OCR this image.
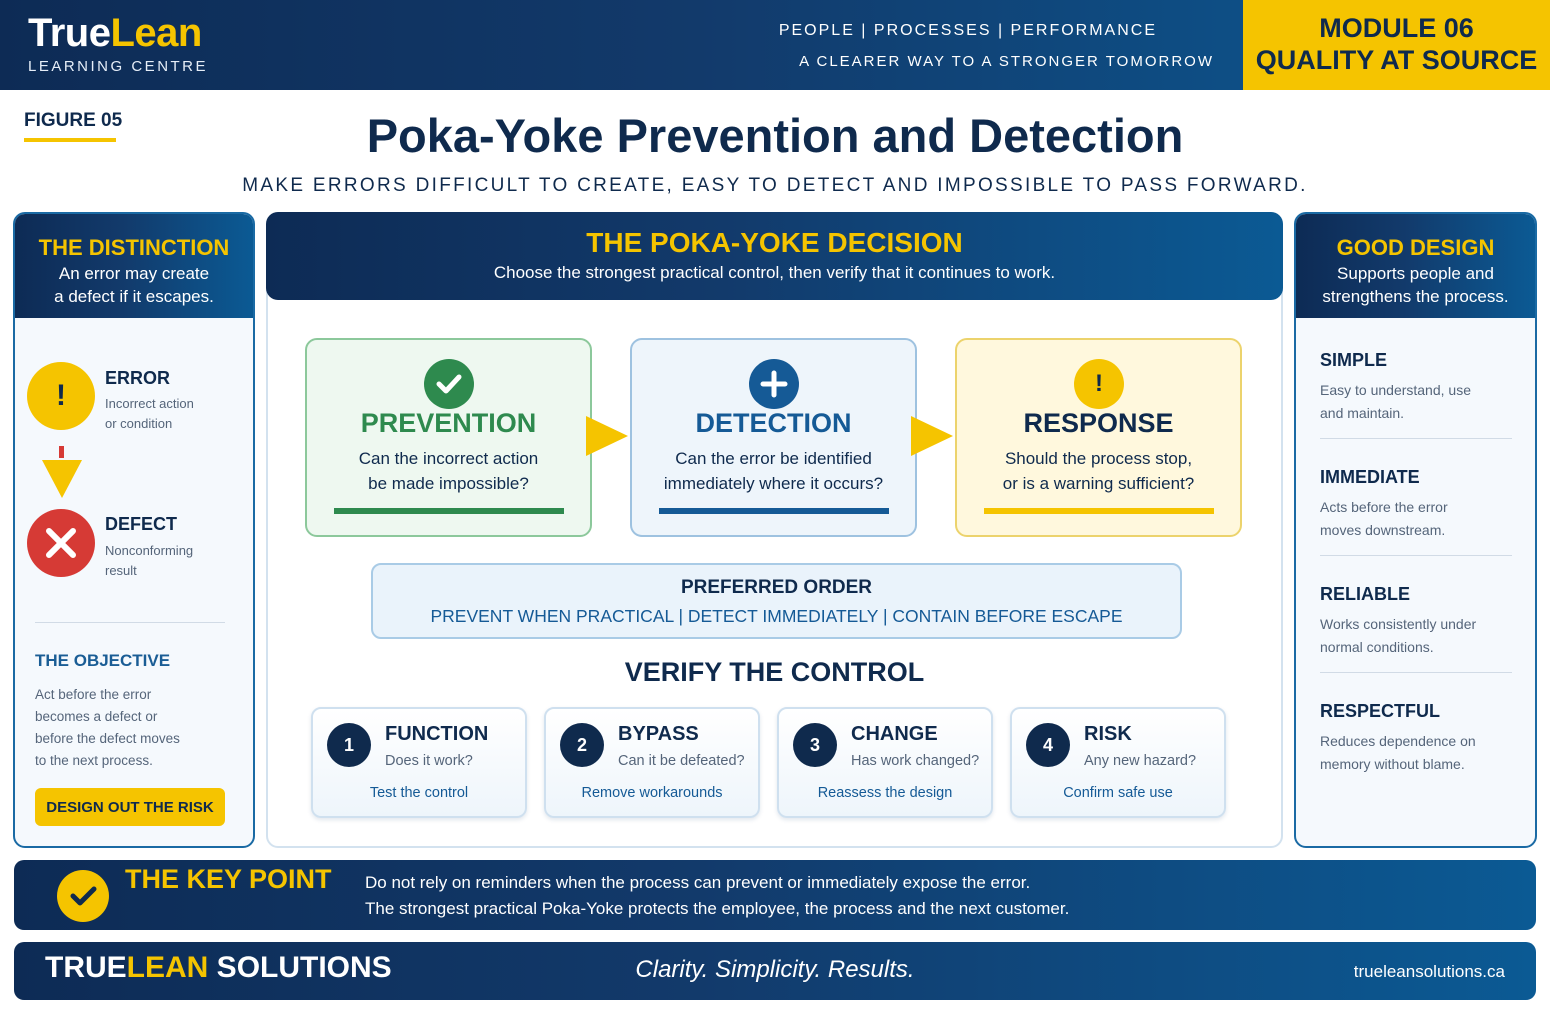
TrueLean
LEARNING CENTRE
PEOPLE | PROCESSES | PERFORMANCE
A CLEARER WAY TO A STRONGER TOMORROW
MODULE 06
QUALITY AT SOURCE
FIGURE 05	Poka-Yoke Prevention and Detection
MAKE ERRORS DIFFICULT TO CREATE, EASY TO DETECT AND IMPOSSIBLE TO PASS FORWARD.
THE DISTINCTION

An error may create

a defect if it escapes.

!
ERROR
Incorrect action
or condition
DEFECT
Nonconforming
result
THE OBJECTIVE
Act before the error
becomes a defect or
before the defect moves
to the next process.
DESIGN OUT THE RISK
THE POKA-YOKE DECISION

Choose the strongest practical control, then verify that it continues to work.

PREVENTION
Can the incorrect action
be made impossible?
DETECTION
Can the error be identified
immediately where it occurs?
!
RESPONSE
Should the process stop,
or is a warning sufficient?
PREFERRED ORDER
PREVENT WHEN PRACTICAL | DETECT IMMEDIATELY | CONTAIN BEFORE ESCAPE
VERIFY THE CONTROL
1	FUNCTION
Does it work?
Test the control
2	BYPASS
Can it be defeated?
Remove workarounds
3	CHANGE
Has work changed?
Reassess the design
4	RISK
Any new hazard?
Confirm safe use
GOOD DESIGN

Supports people and

strengthens the process.

SIMPLE

Easy to understand, use

and maintain.

IMMEDIATE

Acts before the error

moves downstream.

RELIABLE

Works consistently under

normal conditions.

RESPECTFUL

Reduces dependence on

memory without blame.

THE KEY POINT Do not rely on reminders when the process can prevent or immediately expose the error.
The strongest practical Poka-Yoke protects the employee, the process and the next customer.
TRUELEAN SOLUTIONS	Clarity. Simplicity. Results.	trueleansolutions.ca
